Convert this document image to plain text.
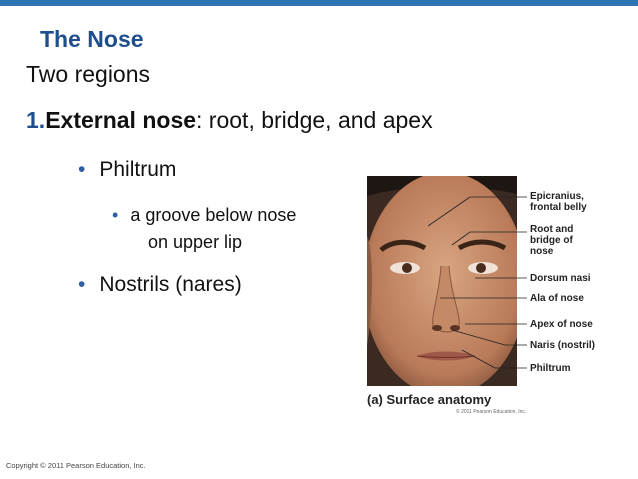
The Nose
Two regions
1.External nose: root, bridge, and apex
• Philtrum
• a groove below nose
on upper lip
• Nostrils (nares)
Epicranius,
frontal belly
Root and
bridge of
nose
Dorsum nasi
Ala of nose
Apex of nose
Naris (nostril)
Philtrum
(a) Surface anatomy
© 2011 Pearson Education, Inc.
Copyright © 2011 Pearson Education, Inc.
